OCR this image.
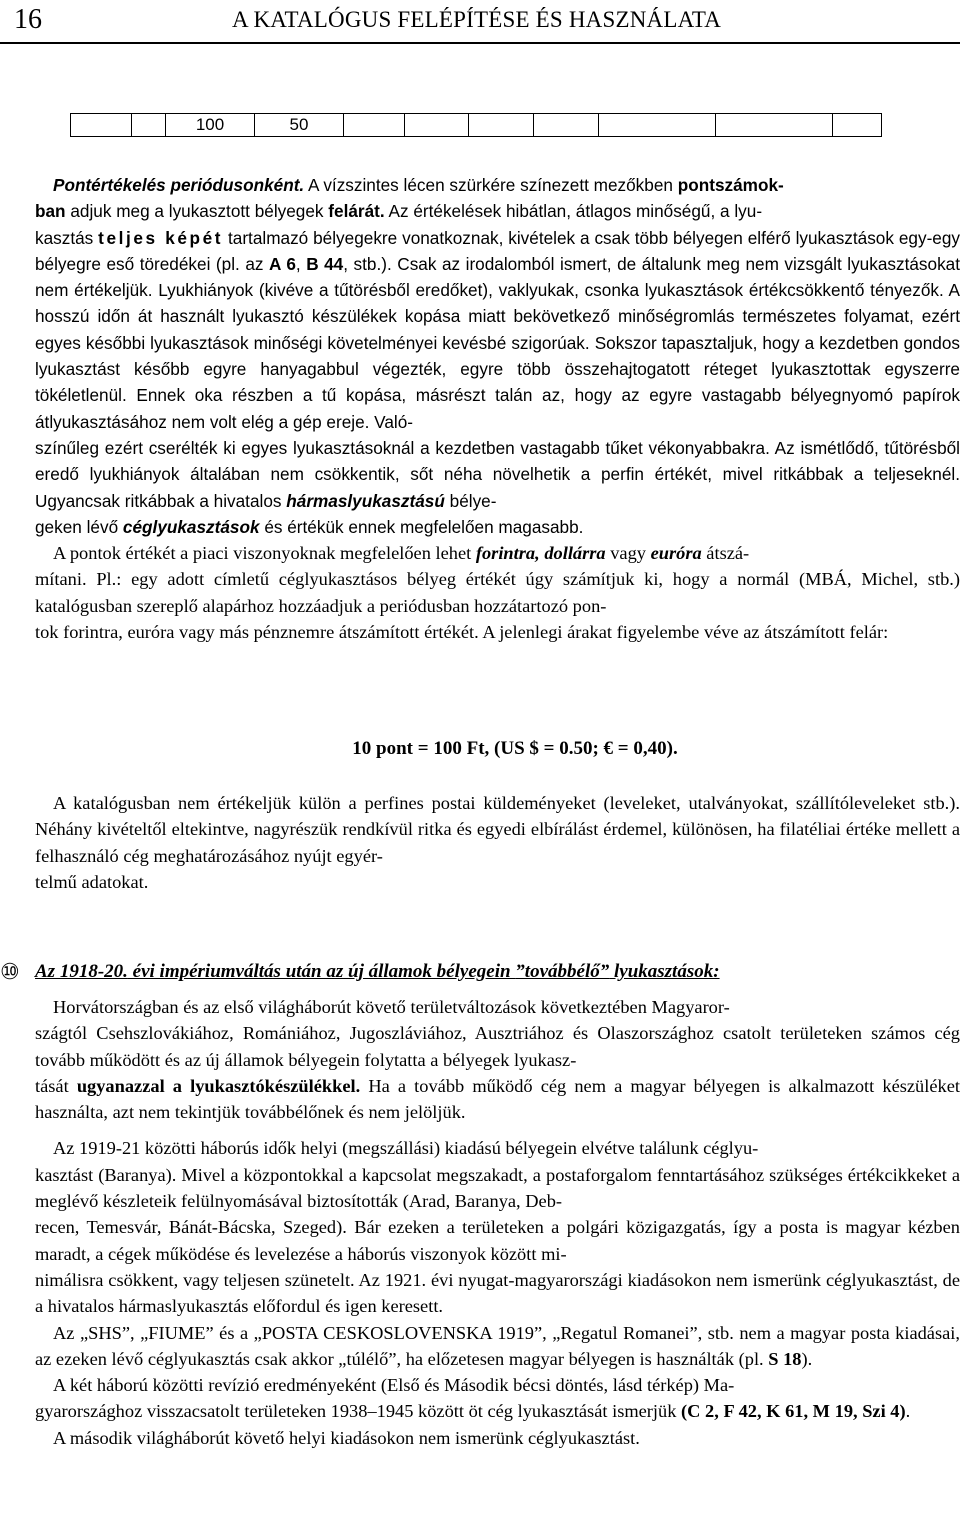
16	A KATALÓGUS FELÉPÍTÉSE ÉS HASZNÁLATA
		100	50							

Pontértékelés periódusonként. A vízszintes lécen szürkére színezett mezőkben pontszámok-
ban adjuk meg a lyukasztott bélyegek felárát. Az értékelések hibátlan, átlagos minőségű, a lyu-
kasztás teljes képét tartalmazó bélyegekre vonatkoznak, kivételek a csak több bélyegen elférő lyukasztások egy-egy bélyegre eső töredékei (pl. az A 6, B 44, stb.). Csak az irodalomból ismert, de általunk meg nem vizsgált lyukasztásokat nem értékeljük. Lyukhiányok (kivéve a tűtörésből eredőket), vaklyukak, csonka lyukasztások értékcsökkentő tényezők. A hosszú időn át használt lyukasztó készülékek kopása miatt bekövetkező minőségromlás természetes folyamat, ezért egyes későbbi lyukasztások minőségi követelményei kevésbé szigorúak. Sokszor tapasztaljuk, hogy a kezdetben gondos lyukasztást később egyre hanyagabbul végezték, egyre több összehajtogatott réteget lyukasztottak egyszerre tökéletlenül. Ennek oka részben a tű kopása, másrészt talán az, hogy az egyre vastagabb bélyegnyomó papírok átlyukasztásához nem volt elég a gép ereje. Való-
színűleg ezért cserélték ki egyes lyukasztásoknál a kezdetben vastagabb tűket vékonyabbakra. Az ismétlődő, tűtörésből eredő lyukhiányok általában nem csökkentik, sőt néha növelhetik a perfin értékét, mivel ritkábbak a teljeseknél. Ugyancsak ritkábbak a hivatalos hármaslyukasztású bélye-
geken lévő céglyukasztások és értékük ennek megfelelően magasabb.

A pontok értékét a piaci viszonyoknak megfelelően lehet forintra, dollárra vagy euróra átszá-
mítani. Pl.: egy adott címletű céglyukasztásos bélyeg értékét úgy számítjuk ki, hogy a normál (MBÁ, Michel, stb.) katalógusban szereplő alapárhoz hozzáadjuk a periódusban hozzátartozó pon-
tok forintra, euróra vagy más pénznemre átszámított értékét. A jelenlegi árakat figyelembe véve az átszámított felár:

10 pont = 100 Ft, (US $ = 0.50; € = 0,40).

A katalógusban nem értékeljük külön a perfines postai küldeményeket (leveleket, utalványokat, szállítóleveleket stb.). Néhány kivételtől eltekintve, nagyrészük rendkívül ritka és egyedi elbírálást érdemel, különösen, ha filatéliai értéke mellett a felhasználó cég meghatározásához nyújt egyér-
telmű adatokat.

⑩ Az 1918-20. évi impériumváltás után az új államok bélyegein ”továbbélő” lyukasztások:

Horvátországban és az első világháborút követő területváltozások következtében Magyaror-
szágtól Csehszlovákiához, Romániához, Jugoszláviához, Ausztriához és Olaszországhoz csatolt területeken számos cég tovább működött és az új államok bélyegein folytatta a bélyegek lyukasz-
tását ugyanazzal a lyukasztókészülékkel. Ha a tovább működő cég nem a magyar bélyegen is alkalmazott készüléket használta, azt nem tekintjük továbbélőnek és nem jelöljük.

Az 1919-21 közötti háborús idők helyi (megszállási) kiadású bélyegein elvétve találunk céglyu-
kasztást (Baranya). Mivel a központokkal a kapcsolat megszakadt, a postaforgalom fenntartásához szükséges értékcikkeket a meglévő készleteik felülnyomásával biztosították (Arad, Baranya, Deb-
recen, Temesvár, Bánát-Bácska, Szeged). Bár ezeken a területeken a polgári közigazgatás, így a posta is magyar kézben maradt, a cégek működése és levelezése a háborús viszonyok között mi-
nimálisra csökkent, vagy teljesen szünetelt. Az 1921. évi nyugat-magyarországi kiadásokon nem ismerünk céglyukasztást, de a hivatalos hármaslyukasztás előfordul és igen keresett.

Az „SHS”, „FIUME” és a „POSTA CESKOSLOVENSKA 1919”, „Regatul Romanei”, stb. nem a magyar posta kiadásai, az ezeken lévő céglyukasztás csak akkor „túlélő”, ha előzetesen magyar bélyegen is használták (pl. S 18).

A két háború közötti revízió eredményeként (Első és Második bécsi döntés, lásd térkép) Ma-
gyarországhoz visszacsatolt területeken 1938–1945 között öt cég lyukasztását ismerjük (C 2, F 42, K 61, M 19, Szi 4).

A második világháborút követő helyi kiadásokon nem ismerünk céglyukasztást.
